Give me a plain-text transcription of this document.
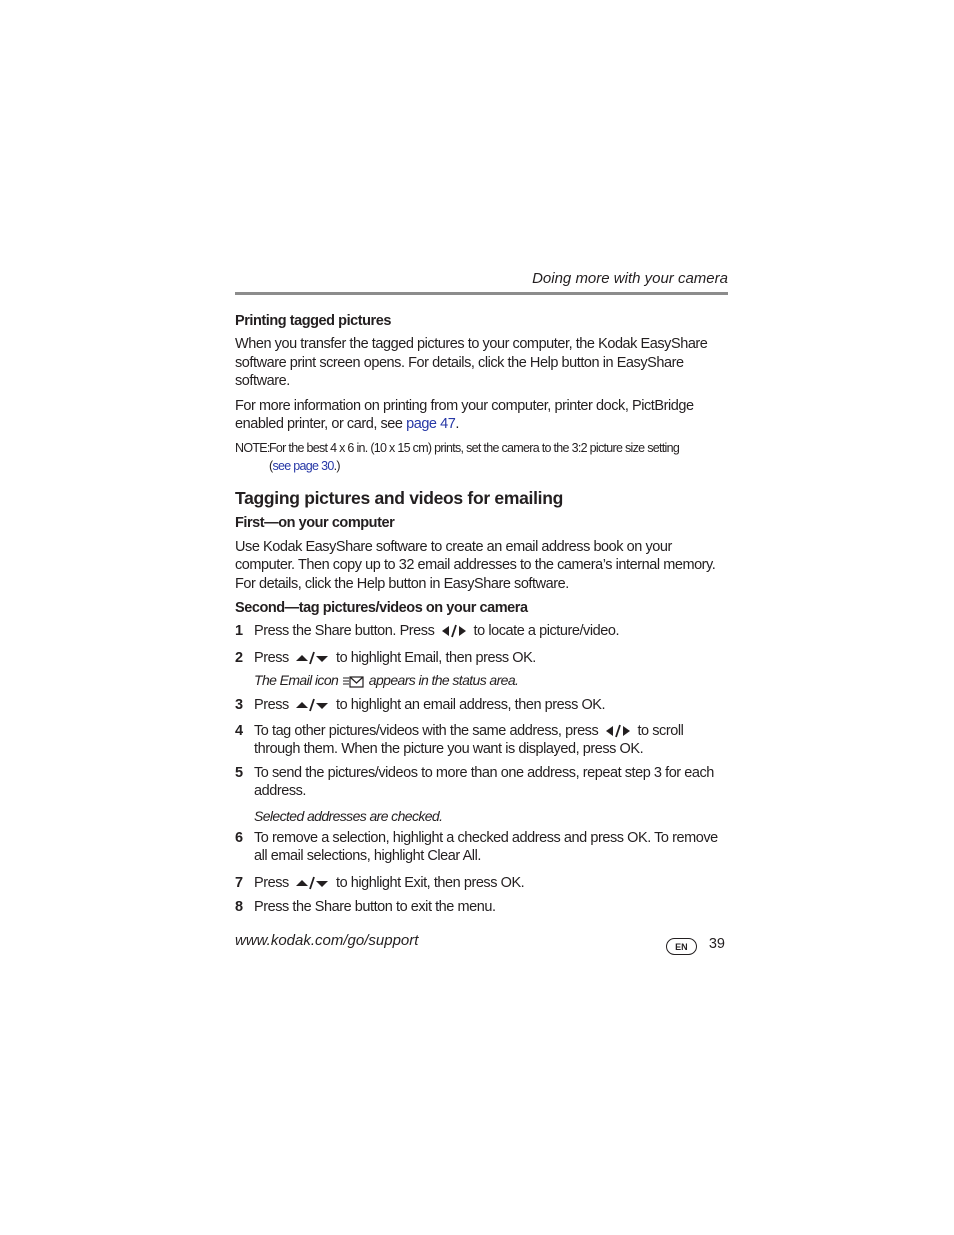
Doing more with your camera
Printing tagged pictures

When you transfer the tagged pictures to your computer, the Kodak EasyShare software print screen opens. For details, click the Help button in EasyShare software.

For more information on printing from your computer, printer dock, PictBridge enabled printer, or card, see page 47.

NOTE: For the best 4 x 6 in. (10 x 15 cm) prints, set the camera to the 3:2 picture size setting (see page 30.)
Tagging pictures and videos for emailing
First—on your computer

Use Kodak EasyShare software to create an email address book on your computer. Then copy up to 32 email addresses to the camera’s internal memory. For details, click the Help button in EasyShare software.

Second—tag pictures/videos on your camera
1 Press the Share button. Press  to locate a picture/video.
2 Press	to highlight Email, then press OK.
The Email icon  appears in the status area.
3 Press	to highlight an email address, then press OK.
4 To tag other pictures/videos with the same address, press  to scroll through them. When the picture you want is displayed, press OK.
5 To send the pictures/videos to more than one address, repeat step 3 for each address.
Selected addresses are checked.
6 To remove a selection, highlight a checked address and press OK. To remove all email selections, highlight Clear All.
7 Press	to highlight Exit, then press OK.
8 Press the Share button to exit the menu.
www.kodak.com/go/support	EN	39
